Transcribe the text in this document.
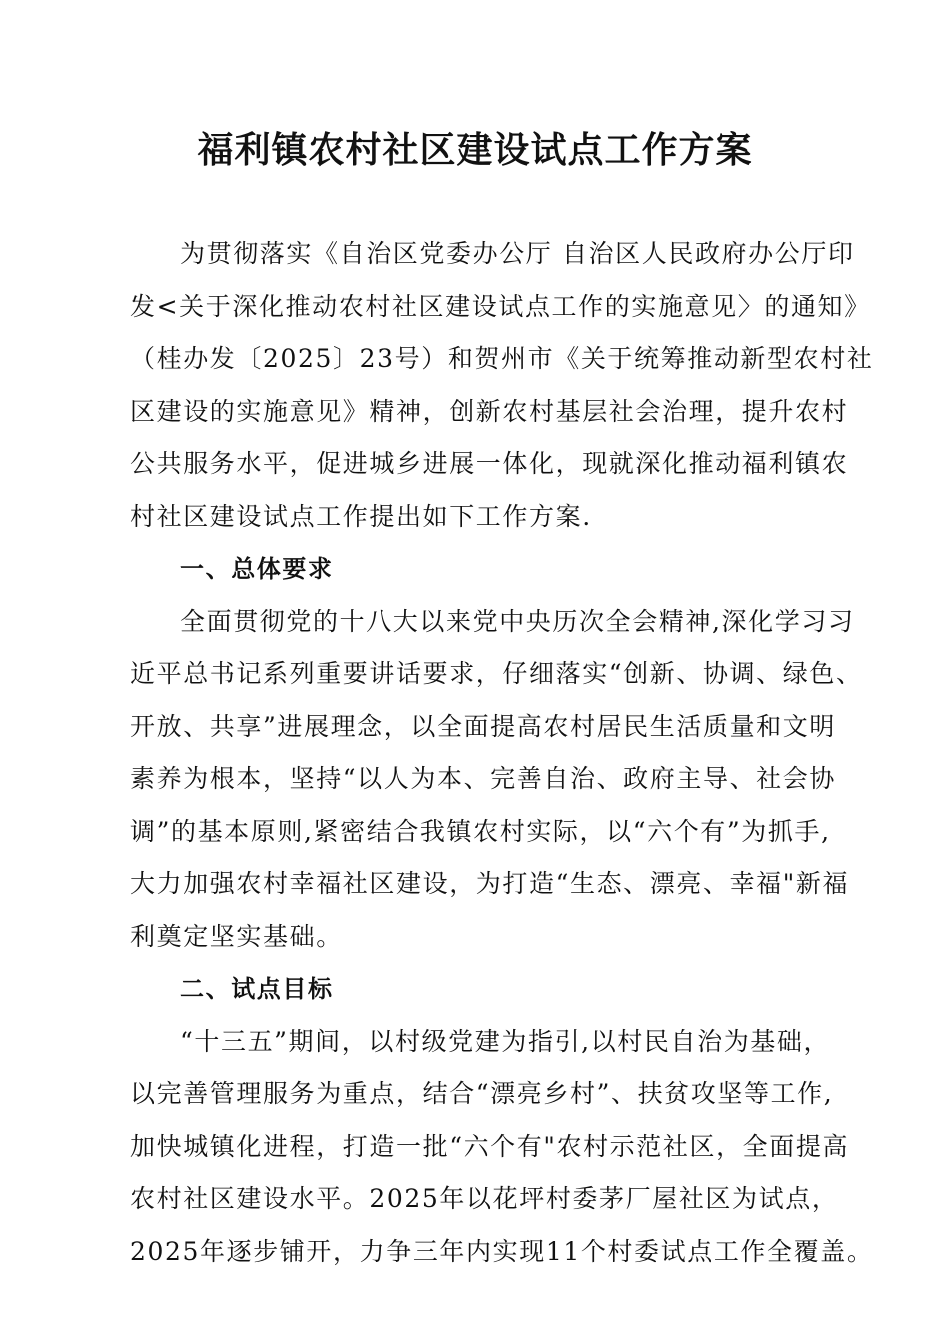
福利镇农村社区建设试点工作方案
为贯彻落实《自治区党委办公厅 自治区人民政府办公厅印
发<关于深化推动农村社区建设试点工作的实施意见〉的通知》
（桂办发〔2025〕23号）和贺州市《关于统筹推动新型农村社
区建设的实施意见》精神，创新农村基层社会治理，提升农村
公共服务水平，促进城乡进展一体化，现就深化推动福利镇农
村社区建设试点工作提出如下工作方案.
一、总体要求
全面贯彻党的十八大以来党中央历次全会精神,深化学习习
近平总书记系列重要讲话要求，仔细落实“创新、协调、绿色、
开放、共享”进展理念，以全面提高农村居民生活质量和文明
素养为根本，坚持“以人为本、完善自治、政府主导、社会协
调”的基本原则,紧密结合我镇农村实际，以“六个有”为抓手,
大力加强农村幸福社区建设，为打造“生态、漂亮、幸福"新福
利奠定坚实基础。
二、试点目标
“十三五”期间，以村级党建为指引,以村民自治为基础，
以完善管理服务为重点，结合“漂亮乡村”、扶贫攻坚等工作,
加快城镇化进程，打造一批“六个有"农村示范社区，全面提高
农村社区建设水平。2025年以花坪村委茅厂屋社区为试点，
2025年逐步铺开，力争三年内实现11个村委试点工作全覆盖。
